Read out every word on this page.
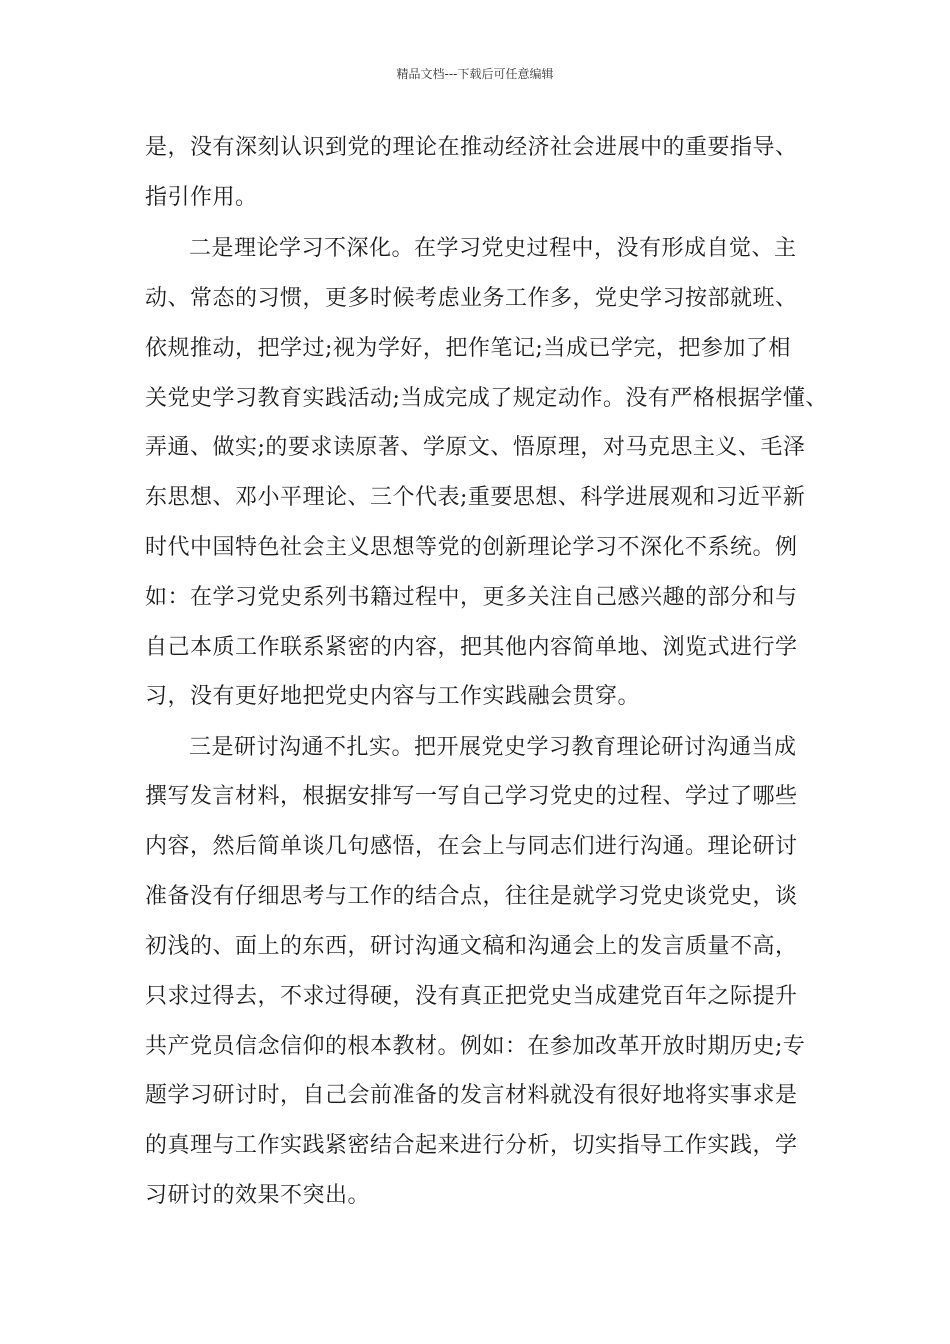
精品文档---下载后可任意编辑
是，没有深刻认识到党的理论在推动经济社会进展中的重要指导、
指引作用。
二是理论学习不深化。在学习党史过程中，没有形成自觉、主
动、常态的习惯，更多时候考虑业务工作多，党史学习按部就班、
依规推动，把学过;视为学好，把作笔记;当成已学完，把参加了相
关党史学习教育实践活动;当成完成了规定动作。没有严格根据学懂、
弄通、做实;的要求读原著、学原文、悟原理，对马克思主义、毛泽
东思想、邓小平理论、三个代表;重要思想、科学进展观和习近平新
时代中国特色社会主义思想等党的创新理论学习不深化不系统。例
如：在学习党史系列书籍过程中，更多关注自己感兴趣的部分和与
自己本质工作联系紧密的内容，把其他内容简单地、浏览式进行学
习，没有更好地把党史内容与工作实践融会贯穿。
三是研讨沟通不扎实。把开展党史学习教育理论研讨沟通当成
撰写发言材料，根据安排写一写自己学习党史的过程、学过了哪些
内容，然后简单谈几句感悟，在会上与同志们进行沟通。理论研讨
准备没有仔细思考与工作的结合点，往往是就学习党史谈党史，谈
初浅的、面上的东西，研讨沟通文稿和沟通会上的发言质量不高，
只求过得去，不求过得硬，没有真正把党史当成建党百年之际提升
共产党员信念信仰的根本教材。例如：在参加改革开放时期历史;专
题学习研讨时，自己会前准备的发言材料就没有很好地将实事求是
的真理与工作实践紧密结合起来进行分析，切实指导工作实践，学
习研讨的效果不突出。
